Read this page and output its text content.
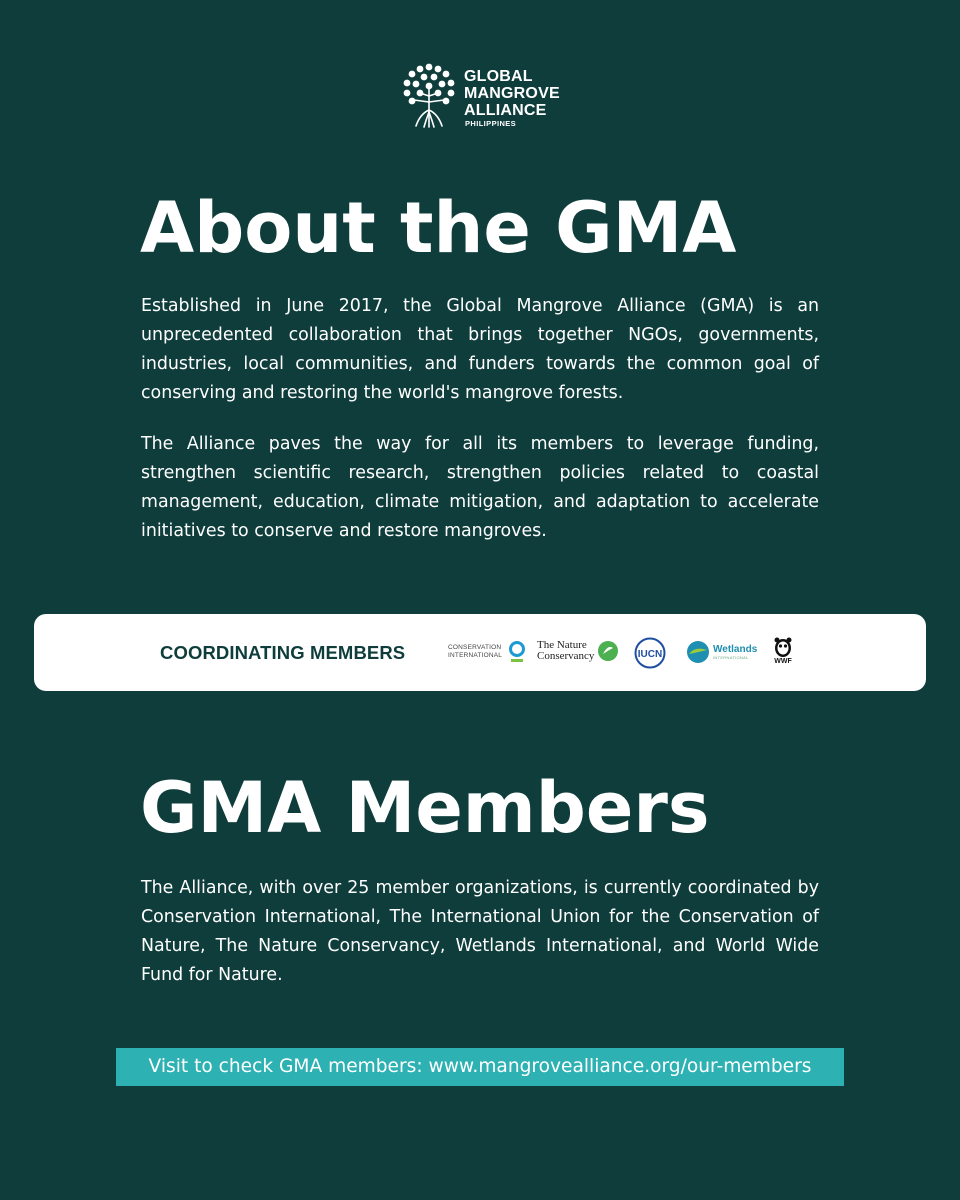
GLOBAL
MANGROVE
ALLIANCE
PHILIPPINES
About the GMA

Established in June 2017, the Global Mangrove Alliance (GMA) is an unprecedented collaboration that brings together NGOs, governments, industries, local communities, and funders towards the common goal of conserving and restoring the world's mangrove forests.

The Alliance paves the way for all its members to leverage funding, strengthen scientific research, strengthen policies related to coastal management, education, climate mitigation, and adaptation to accelerate initiatives to conserve and restore mangroves.

COORDINATING MEMBERS	CONSERVATION
INTERNATIONAL
The Nature
Conservancy	IUCN	Wetlands
INTERNATIONAL
WWF
GMA Members

The Alliance, with over 25 member organizations, is currently coordinated by Conservation International, The International Union for the Conservation of Nature, The Nature Conservancy, Wetlands International, and World Wide Fund for Nature.

Visit to check GMA members: www.mangrovealliance.org/our-members
